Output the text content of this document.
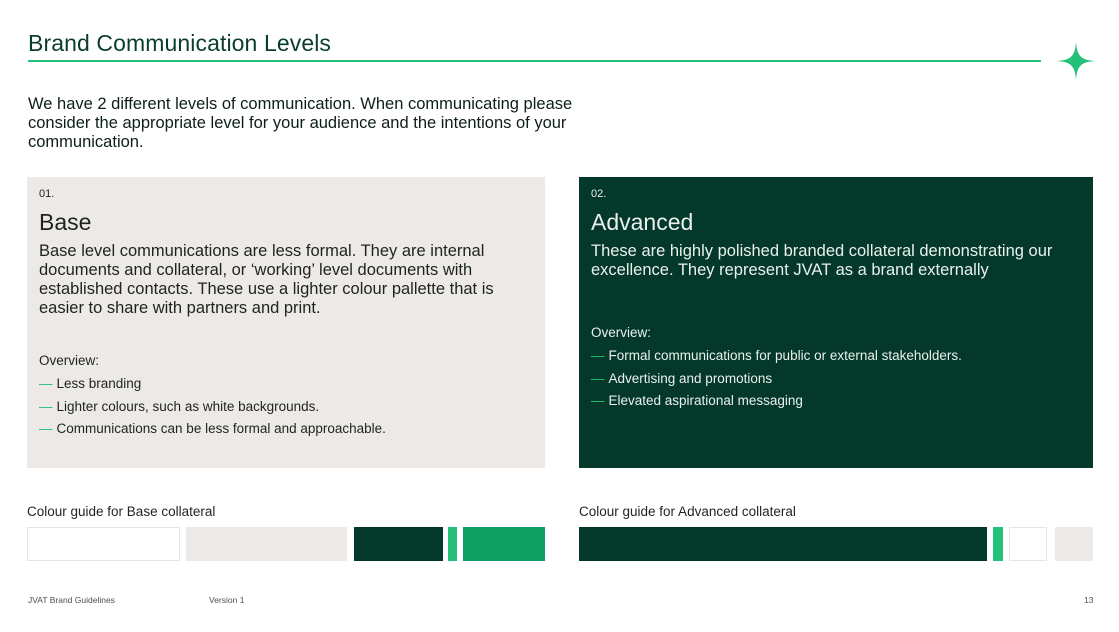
Brand Communication Levels
We have 2 different levels of communication. When communicating please consider the appropriate level for your audience and the intentions of your communication.
01.
Base
Base level communications are less formal. They are internal documents and collateral, or ‘working’ level documents with established contacts. These use a lighter colour pallette that is easier to share with partners and print.
Overview:
— Less branding
— Lighter colours, such as white backgrounds.
— Communications can be less formal and approachable.
02.
Advanced
These are highly polished branded collateral demonstrating our excellence. They represent JVAT as a brand externally
Overview:
— Formal communications for public or external stakeholders.
— Advertising and promotions
— Elevated aspirational messaging
Colour guide for Base collateral	Colour guide for Advanced collateral
JVAT Brand Guidelines	Version 1	13
